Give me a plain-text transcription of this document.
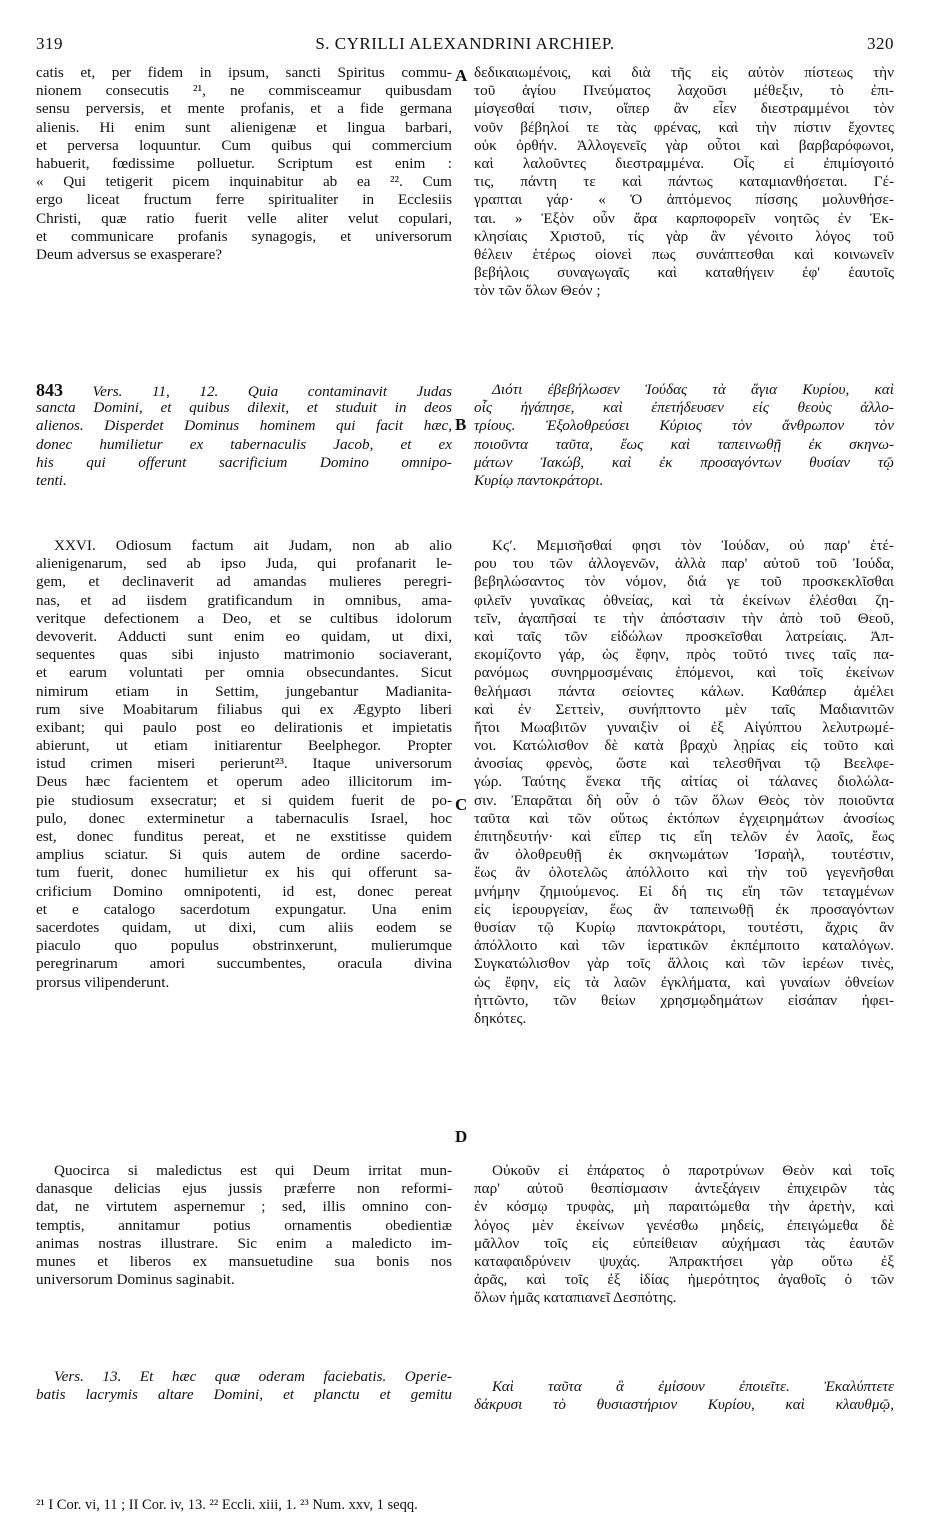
319	S. CYRILLI ALEXANDRINI ARCHIEP.	320
A
B
C
D
catis et, per fidem in ipsum, sancti Spiritus commu-
nionem consecutis ²¹, ne commisceamur quibusdam
sensu perversis, et mente profanis, et a fide germana
alienis. Hi enim sunt alienigenæ et lingua barbari,
et perversa loquuntur. Cum quibus qui commercium
habuerit, fœdissime polluetur. Scriptum est enim :
« Qui tetigerit picem inquinabitur ab ea ²². Cum
ergo liceat fructum ferre spiritualiter in Ecclesiis
Christi, quæ ratio fuerit velle aliter velut copulari,
et communicare profanis synagogis, et universorum
Deum adversus se exasperare?
843 Vers. 11, 12. Quia contaminavit Judas
sancta Domini, et quibus dilexit, et studuit in deos
alienos. Disperdet Dominus hominem qui facit hæc,
donec humilietur ex tabernaculis Jacob, et ex
his qui offerunt sacrificium Domino omnipo-
tenti.
XXVI. Odiosum factum ait Judam, non ab alio
alienigenarum, sed ab ipso Juda, qui profanarit le-
gem, et declinaverit ad amandas mulieres peregri-
nas, et ad iisdem gratificandum in omnibus, ama-
veritque defectionem a Deo, et se cultibus idolorum
devoverit. Adducti sunt enim eo quidam, ut dixi,
sequentes quas sibi injusto matrimonio sociaverant,
et earum voluntati per omnia obsecundantes. Sicut
nimirum etiam in Settim, jungebantur Madianita-
rum sive Moabitarum filiabus qui ex Ægypto liberi
exibant; qui paulo post eo delirationis et impietatis
abierunt, ut etiam initiarentur Beelphegor. Propter
istud crimen miseri perierunt²³. Itaque universorum
Deus hæc facientem et operum adeo illicitorum im-
pie studiosum exsecratur; et si quidem fuerit de po-
pulo, donec exterminetur a tabernaculis Israel, hoc
est, donec funditus pereat, et ne exstitisse quidem
amplius sciatur. Si quis autem de ordine sacerdo-
tum fuerit, donec humilietur ex his qui offerunt sa-
crificium Domino omnipotenti, id est, donec pereat
et e catalogo sacerdotum expungatur. Una enim
sacerdotes quidam, ut dixi, cum aliis eodem se
piaculo quo populus obstrinxerunt, mulierumque
peregrinarum amori succumbentes, oracula divina
prorsus vilipenderunt.
Quocirca si maledictus est qui Deum irritat mun-
danasque delicias ejus jussis præferre non reformi-
dat, ne virtutem aspernemur ; sed, illis omnino con-
temptis, annitamur potius ornamentis obedientiæ
animas nostras illustrare. Sic enim a maledicto im-
munes et liberos ex mansuetudine sua bonis nos
universorum Dominus saginabit.
Vers. 13. Et hæc quæ oderam faciebatis. Operie-
batis lacrymis altare Domini, et planctu et gemitu
δεδικαιωμένοις, καὶ διὰ τῆς εἰς αὐτὸν πίστεως τὴν
τοῦ ἁγίου Πνεύματος λαχοῦσι μέθεξιν, τὸ ἐπι-
μίσγεσθαί τισιν, οἵπερ ἂν εἶεν διεστραμμένοι τὸν
νοῦν βέβηλοί τε τὰς φρένας, καὶ τὴν πίστιν ἔχοντες
οὐκ ὀρθήν. Ἀλλογενεῖς γὰρ οὗτοι καὶ βαρβαρόφωνοι,
καὶ λαλοῦντες διεστραμμένα. Οἷς εἰ ἐπιμίσγοιτό
τις, πάντη τε καὶ πάντως καταμιανθήσεται. Γέ-
γραπται γάρ· « Ὁ ἁπτόμενος πίσσης μολυνθήσε-
ται. » Ἐξὸν οὖν ἄρα καρποφορεῖν νοητῶς ἐν Ἐκ-
κλησίαις Χριστοῦ, τίς γὰρ ἂν γένοιτο λόγος τοῦ
θέλειν ἑτέρως οἱονεὶ πως συνάπτεσθαι καὶ κοινωνεῖν
βεβήλοις συναγωγαῖς καὶ καταθήγειν ἐφ' ἑαυτοῖς
τὸν τῶν ὅλων Θεόν ;
Διότι ἐβεβήλωσεν Ἰούδας τὰ ἅγια Κυρίου, καὶ
οἷς ἠγάπησε, καὶ ἐπετήδευσεν εἰς θεοὺς ἀλλο-
τρίους. Ἐξολοθρεύσει Κύριος τὸν ἄνθρωπον τὸν
ποιοῦντα ταῦτα, ἕως καὶ ταπεινωθῇ ἐκ σκηνω-
μάτων Ἰακώβ, καὶ ἐκ προσαγόντων θυσίαν τῷ
Κυρίῳ παντοκράτορι.
Κϛʹ. Μεμισῆσθαί φησι τὸν Ἰούδαν, οὐ παρ' ἑτέ-
ρου του τῶν ἀλλογενῶν, ἀλλὰ παρ' αὐτοῦ τοῦ Ἰούδα,
βεβηλώσαντος τὸν νόμον, διά γε τοῦ προσκεκλῖσθαι
φιλεῖν γυναῖκας ὀθνείας, καὶ τὰ ἐκείνων ἑλέσθαι ζη-
τεῖν, ἀγαπῆσαί τε τὴν ἀπόστασιν τὴν ἀπὸ τοῦ Θεοῦ,
καὶ ταῖς τῶν εἰδώλων προσκεῖσθαι λατρείαις. Ἀπ-
εκομίζοντο γάρ, ὡς ἔφην, πρὸς τοῦτό τινες ταῖς πα-
ρανόμως συνηρμοσμέναις ἑπόμενοι, καὶ τοῖς ἐκείνων
θελήμασι πάντα σείοντες κάλων. Καθάπερ ἀμέλει
καὶ ἐν Σεττεὶν, συνήπτοντο μὲν ταῖς Μαδιανιτῶν
ἤτοι Μωαβιτῶν γυναιξὶν οἱ ἐξ Αἰγύπτου λελυτρωμέ-
νοι. Κατώλισθον δὲ κατὰ βραχὺ λῃρίας εἰς τοῦτο καὶ
ἀνοσίας φρενὸς, ὥστε καὶ τελεσθῆναι τῷ Βεελφε-
γώρ. Ταύτης ἕνεκα τῆς αἰτίας οἱ τάλανες διολώλα-
σιν. Ἐπαρᾶται δὴ οὖν ὁ τῶν ὅλων Θεὸς τὸν ποιοῦντα
ταῦτα καὶ τῶν οὕτως ἐκτόπων ἐγχειρημάτων ἀνοσίως
ἐπιτηδευτήν· καὶ εἴπερ τις εἴη τελῶν ἐν λαοῖς, ἕως
ἂν ὀλοθρευθῇ ἐκ σκηνωμάτων Ἰσραὴλ, τουτέστιν,
ἕως ἂν ὁλοτελῶς ἀπόλλοιτο καὶ τὴν τοῦ γεγενῆσθαι
μνήμην ζημιούμενος. Εἰ δή τις εἴη τῶν τεταγμένων
εἰς ἱερουργείαν, ἕως ἂν ταπεινωθῇ ἐκ προσαγόντων
θυσίαν τῷ Κυρίῳ παντοκράτορι, τουτέστι, ἄχρις ἂν
ἀπόλλοιτο καὶ τῶν ἱερατικῶν ἐκπέμποιτο καταλόγων.
Συγκατώλισθον γὰρ τοῖς ἄλλοις καὶ τῶν ἱερέων τινὲς,
ὡς ἔφην, εἰς τὰ λαῶν ἐγκλήματα, καὶ γυναίων ὀθνείων
ἡττῶντο, τῶν θείων χρησμῳδημάτων εἰσάπαν ἠφει-
δηκότες.
Οὐκοῦν εἰ ἐπάρατος ὁ παροτρύνων Θεὸν καὶ τοῖς
παρ' αὐτοῦ θεσπίσμασιν ἀντεξάγειν ἐπιχειρῶν τὰς
ἐν κόσμῳ τρυφὰς, μὴ παραιτώμεθα τὴν ἀρετὴν, καὶ
λόγος μὲν ἐκείνων γενέσθω μηδείς, ἐπειγώμεθα δὲ
μᾶλλον τοῖς εἰς εὐπείθειαν αὐχήμασι τὰς ἑαυτῶν
καταφαιδρύνειν ψυχάς. Ἀπρακτήσει γὰρ οὕτω ἐξ
ἀρᾶς, καὶ τοῖς ἐξ ἰδίας ἡμερότητος ἀγαθοῖς ὁ τῶν
ὅλων ἡμᾶς καταπιανεῖ Δεσπότης.
Καὶ ταῦτα ἃ ἐμίσουν ἐποιεῖτε. Ἐκαλύπτετε
δάκρυσι τὸ θυσιαστήριον Κυρίου, καὶ κλαυθμῷ,
²¹ I Cor. vi, 11 ; II Cor. iv, 13. ²² Eccli. xiii, 1. ²³ Num. xxv, 1 seqq.
